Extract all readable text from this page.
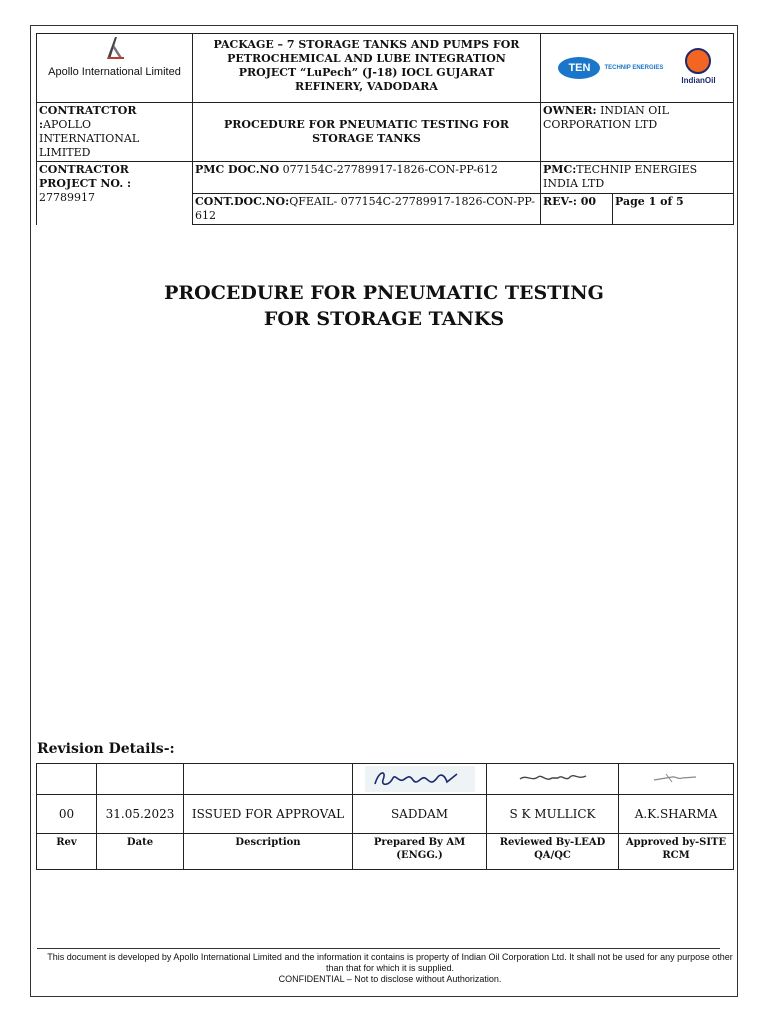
Apollo International Limited	PACKAGE – 7 STORAGE TANKS AND PUMPS FOR PETROCHEMICAL AND LUBE INTEGRATION PROJECT “LuPech” (J-18) IOCL GUJARAT REFINERY, VADODARA	TEN TECHNIP ENERGIES
IndianOil	

CONTRATCTOR :APOLLO INTERNATIONAL LIMITED	PROCEDURE FOR PNEUMATIC TESTING FOR STORAGE TANKS	OWNER: INDIAN OIL CORPORATION LTD	
CONTRACTOR PROJECT NO. : 27789917	PMC DOC.NO 077154C-27789917-1826-CON-PP-612	PMC:TECHNIP ENERGIES INDIA LTD	
	CONT.DOC.NO:QFEAIL- 077154C-27789917-1826-CON-PP-612	REV-: 00	Page 1 of 5
PROCEDURE FOR PNEUMATIC TESTING
FOR STORAGE TANKS
Revision Details-:

00	31.05.2023	ISSUED FOR APPROVAL	SADDAM	S K MULLICK	A.K.SHARMA
Rev	Date	Description	Prepared By AM (ENGG.)	Reviewed By-LEAD QA/QC	Approved by-SITE RCM
This document is developed by Apollo International Limited and the information it contains is property of Indian Oil Corporation Ltd. It shall not be used for any purpose other than that for which it is supplied.
CONFIDENTIAL – Not to disclose without Authorization.
